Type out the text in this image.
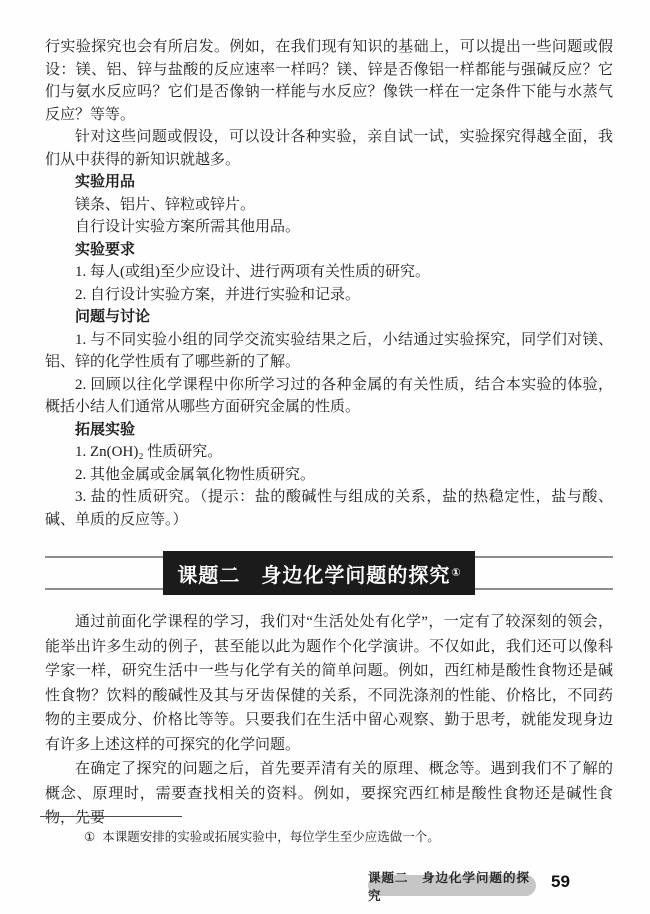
行实验探究也会有所启发。例如，在我们现有知识的基础上，可以提出一些问题或假设：镁、铝、锌与盐酸的反应速率一样吗？镁、锌是否像铝一样都能与强碱反应？它们与氨水反应吗？它们是否像钠一样能与水反应？像铁一样在一定条件下能与水蒸气反应？等等。

针对这些问题或假设，可以设计各种实验，亲自试一试，实验探究得越全面，我们从中获得的新知识就越多。

实验用品

镁条、铝片、锌粒或锌片。

自行设计实验方案所需其他用品。

实验要求

1. 每人(或组)至少应设计、进行两项有关性质的研究。

2. 自行设计实验方案，并进行实验和记录。

问题与讨论

1. 与不同实验小组的同学交流实验结果之后，小结通过实验探究，同学们对镁、铝、锌的化学性质有了哪些新的了解。

2. 回顾以往化学课程中你所学习过的各种金属的有关性质，结合本实验的体验，概括小结人们通常从哪些方面研究金属的性质。

拓展实验

1. Zn(OH)₂ 性质研究。

2. 其他金属或金属氧化物性质研究。

3. 盐的性质研究。（提示：盐的酸碱性与组成的关系，盐的热稳定性，盐与酸、碱、单质的反应等。）

课题二　身边化学问题的探究 ①

通过前面化学课程的学习，我们对“生活处处有化学”，一定有了较深刻的领会，能举出许多生动的例子，甚至能以此为题作个化学演讲。不仅如此，我们还可以像科学家一样，研究生活中一些与化学有关的简单问题。例如，西红柿是酸性食物还是碱性食物？饮料的酸碱性及其与牙齿保健的关系，不同洗涤剂的性能、价格比，不同药物的主要成分、价格比等等。只要我们在生活中留心观察、勤于思考，就能发现身边有许多上述这样的可探究的化学问题。

在确定了探究的问题之后，首先要弄清有关的原理、概念等。遇到我们不了解的概念、原理时，需要查找相关的资料。例如，要探究西红柿是酸性食物还是碱性食物，先要

① 本课题安排的实验或拓展实验中，每位学生至少应选做一个。

课题二　身边化学问题的探究
59
